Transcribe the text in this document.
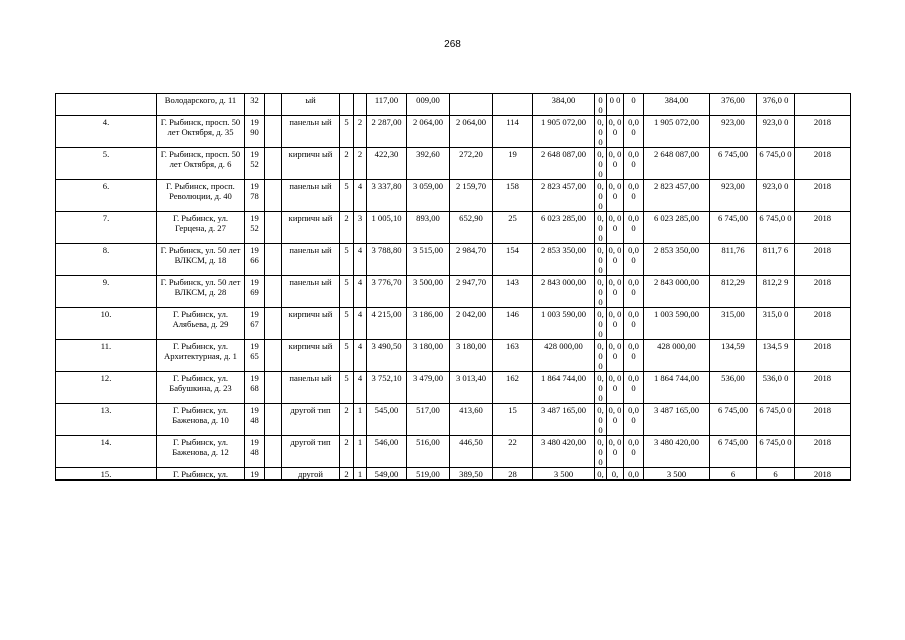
268
	Володарского, д. 11	32		ый			117,00	009,00			384,00	0 0	0 0	0	384,00	376,00	376,0 0	
4.	Г. Рыбинск, просп. 50 лет Октября, д. 35	19 90		панельн ый	5	2	2 287,00	2 064,00	2 064,00	114	1 905 072,00	0, 0 0	0, 0 0	0,0 0	1 905 072,00	923,00	923,0 0	2018
5.	Г. Рыбинск, просп. 50 лет Октября, д. 6	19 52		кирпичн ый	2	2	422,30	392,60	272,20	19	2 648 087,00	0, 0 0	0, 0 0	0,0 0	2 648 087,00	6 745,00	6 745,0 0	2018
6.	Г. Рыбинск, просп. Революции, д. 40	19 78		панельн ый	5	4	3 337,80	3 059,00	2 159,70	158	2 823 457,00	0, 0 0	0, 0 0	0,0 0	2 823 457,00	923,00	923,0 0	2018
7.	Г. Рыбинск, ул. Герцена, д. 27	19 52		кирпичн ый	2	3	1 005,10	893,00	652,90	25	6 023 285,00	0, 0 0	0, 0 0	0,0 0	6 023 285,00	6 745,00	6 745,0 0	2018
8.	Г. Рыбинск, ул. 50 лет ВЛКСМ, д. 18	19 66		панельн ый	5	4	3 788,80	3 515,00	2 984,70	154	2 853 350,00	0, 0 0	0, 0 0	0,0 0	2 853 350,00	811,76	811,7 6	2018
9.	Г. Рыбинск, ул. 50 лет ВЛКСМ, д. 28	19 69		панельн ый	5	4	3 776,70	3 500,00	2 947,70	143	2 843 000,00	0, 0 0	0, 0 0	0,0 0	2 843 000,00	812,29	812,2 9	2018
10.	Г. Рыбинск, ул. Алябьева, д. 29	19 67		кирпичн ый	5	4	4 215,00	3 186,00	2 042,00	146	1 003 590,00	0, 0 0	0, 0 0	0,0 0	1 003 590,00	315,00	315,0 0	2018
11.	Г. Рыбинск, ул. Архитектурная, д. 1	19 65		кирпичн ый	5	4	3 490,50	3 180,00	3 180,00	163	428 000,00	0, 0 0	0, 0 0	0,0 0	428 000,00	134,59	134,5 9	2018
12.	Г. Рыбинск, ул. Бабушкина, д. 23	19 68		панельн ый	5	4	3 752,10	3 479,00	3 013,40	162	1 864 744,00	0, 0 0	0, 0 0	0,0 0	1 864 744,00	536,00	536,0 0	2018
13.	Г. Рыбинск, ул. Баженова, д. 10	19 48		другой тип	2	1	545,00	517,00	413,60	15	3 487 165,00	0, 0 0	0, 0 0	0,0 0	3 487 165,00	6 745,00	6 745,0 0	2018
14.	Г. Рыбинск, ул. Баженова, д. 12	19 48		другой тип	2	1	546,00	516,00	446,50	22	3 480 420,00	0, 0 0	0, 0 0	0,0 0	3 480 420,00	6 745,00	6 745,0 0	2018
15.	Г. Рыбинск, ул.	19		другой	2	1	549,00	519,00	389,50	28	3 500	0,	0,	0,0	3 500	6	6	2018
